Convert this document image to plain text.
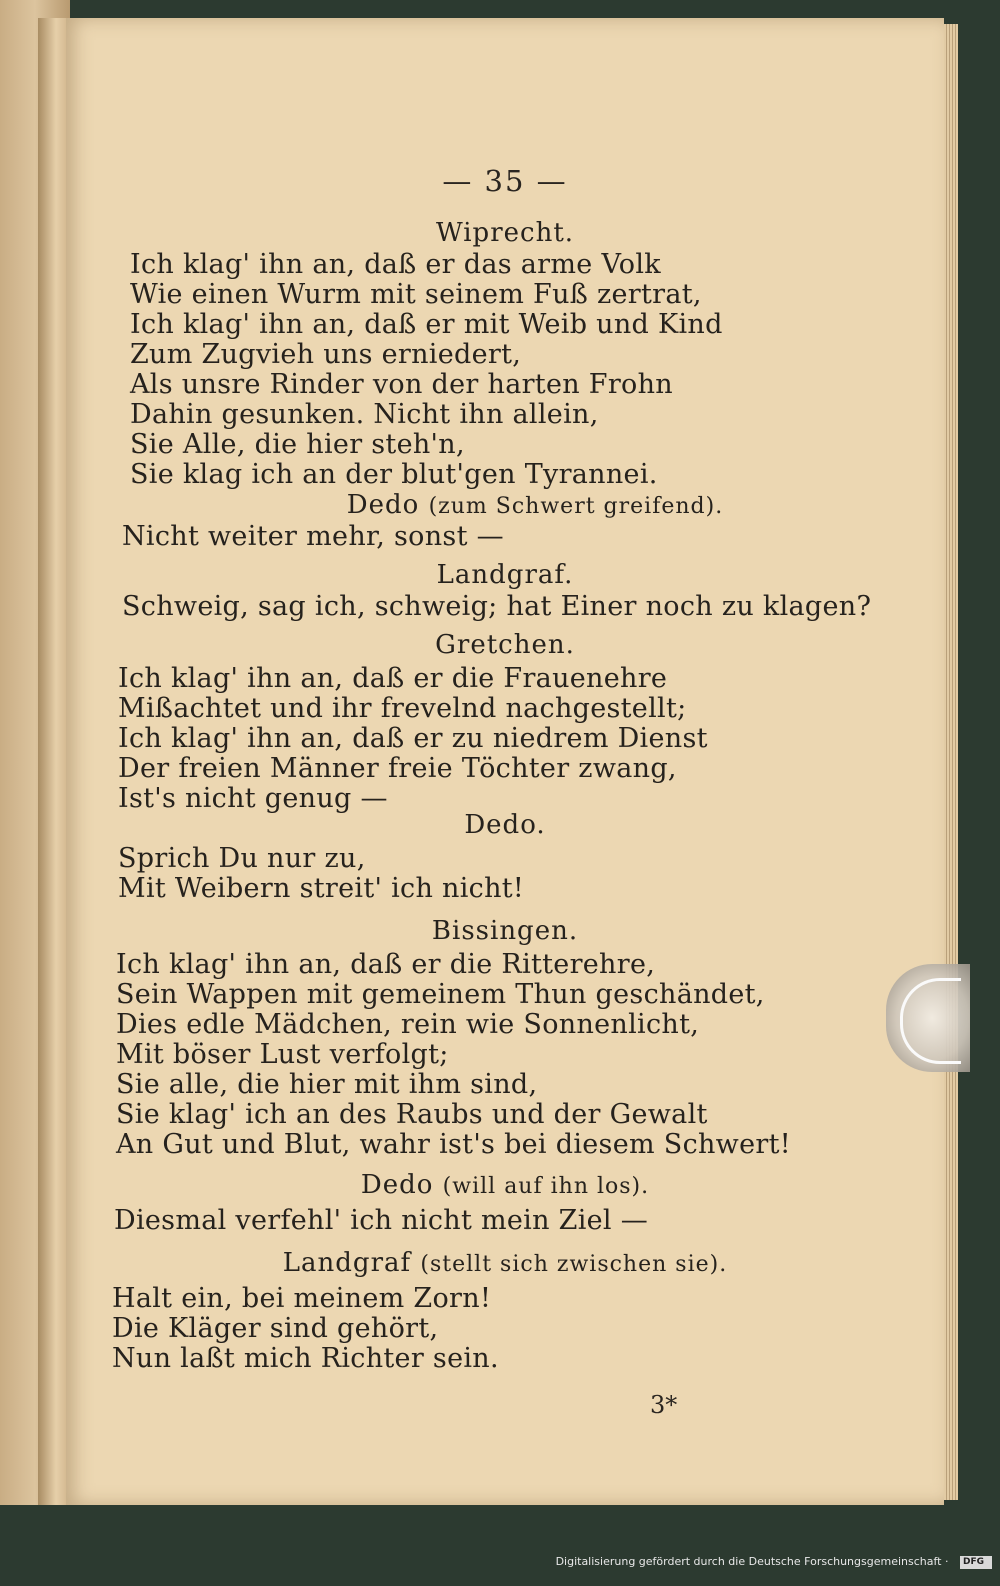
— 35 —
Wiprecht.
Ich klag' ihn an, daß er das arme Volk
Wie einen Wurm mit seinem Fuß zertrat,
Ich klag' ihn an, daß er mit Weib und Kind
Zum Zugvieh uns erniedert,
Als unsre Rinder von der harten Frohn
Dahin gesunken. Nicht ihn allein,
Sie Alle, die hier steh'n,
Sie klag ich an der blut'gen Tyrannei.
Dedo (zum Schwert greifend).
Nicht weiter mehr, sonst —
Landgraf.
Schweig, sag ich, schweig; hat Einer noch zu klagen?
Gretchen.
Ich klag' ihn an, daß er die Frauenehre
Mißachtet und ihr frevelnd nachgestellt;
Ich klag' ihn an, daß er zu niedrem Dienst
Der freien Männer freie Töchter zwang,
Ist's nicht genug —
Dedo.
Sprich Du nur zu,
Mit Weibern streit' ich nicht!
Bissingen.
Ich klag' ihn an, daß er die Ritterehre,
Sein Wappen mit gemeinem Thun geschändet,
Dies edle Mädchen, rein wie Sonnenlicht,
Mit böser Lust verfolgt;
Sie alle, die hier mit ihm sind,
Sie klag' ich an des Raubs und der Gewalt
An Gut und Blut, wahr ist's bei diesem Schwert!
Dedo (will auf ihn los).
Diesmal verfehl' ich nicht mein Ziel —
Landgraf (stellt sich zwischen sie).
Halt ein, bei meinem Zorn!
Die Kläger sind gehört,
Nun laßt mich Richter sein.
3*
Digitalisierung gefördert durch die Deutsche Forschungsgemeinschaft · DFG
